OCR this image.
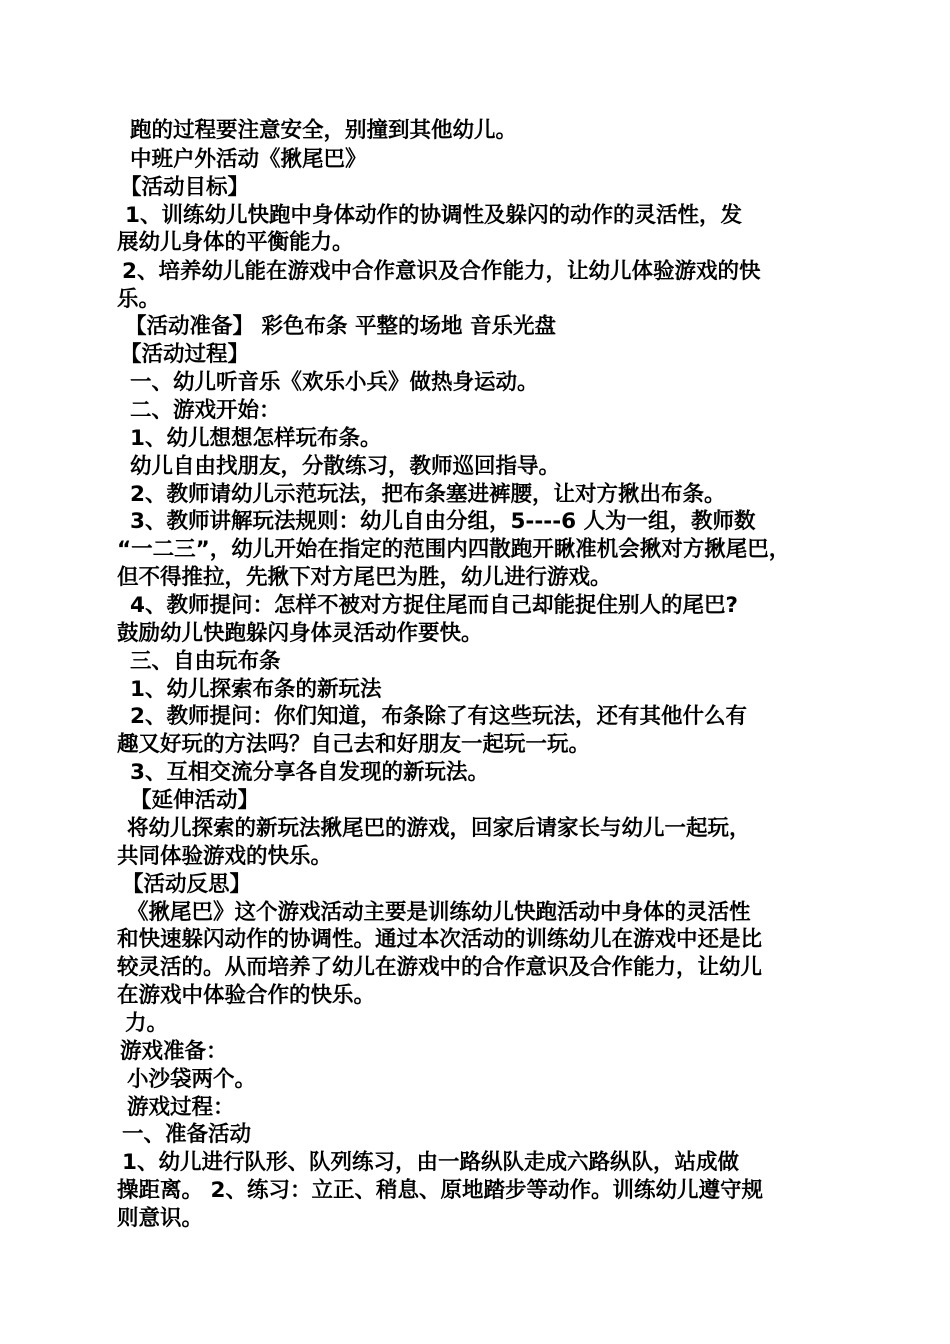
跑的过程要注意安全，别撞到其他幼儿。
中班户外活动《揪尾巴》
【活动目标】
1、训练幼儿快跑中身体动作的协调性及躲闪的动作的灵活性，发
展幼儿身体的平衡能力。
2、培养幼儿能在游戏中合作意识及合作能力，让幼儿体验游戏的快
乐。
【活动准备】 彩色布条 平整的场地 音乐光盘
【活动过程】
一、幼儿听音乐《欢乐小兵》做热身运动。
二、游戏开始：
1、幼儿想想怎样玩布条。
幼儿自由找朋友，分散练习，教师巡回指导。
2、教师请幼儿示范玩法，把布条塞进裤腰，让对方揪出布条。
3、教师讲解玩法规则：幼儿自由分组，5----6 人为一组，教师数
“一二三”，幼儿开始在指定的范围内四散跑开瞅准机会揪对方揪尾巴，
但不得推拉，先揪下对方尾巴为胜，幼儿进行游戏。
4、教师提问：怎样不被对方捉住尾而自己却能捉住别人的尾巴?
鼓励幼儿快跑躲闪身体灵活动作要快。
三、自由玩布条
1、幼儿探索布条的新玩法
2、教师提问：你们知道，布条除了有这些玩法，还有其他什么有
趣又好玩的方法吗？自己去和好朋友一起玩一玩。
3、互相交流分享各自发现的新玩法。
【延伸活动】
将幼儿探索的新玩法揪尾巴的游戏，回家后请家长与幼儿一起玩，
共同体验游戏的快乐。
【活动反思】
《揪尾巴》这个游戏活动主要是训练幼儿快跑活动中身体的灵活性
和快速躲闪动作的协调性。通过本次活动的训练幼儿在游戏中还是比
较灵活的。从而培养了幼儿在游戏中的合作意识及合作能力，让幼儿
在游戏中体验合作的快乐。
力。
游戏准备：
小沙袋两个。
游戏过程：
一、准备活动
1、幼儿进行队形、队列练习，由一路纵队走成六路纵队，站成做
操距离。 2、练习：立正、稍息、原地踏步等动作。训练幼儿遵守规
则意识。
